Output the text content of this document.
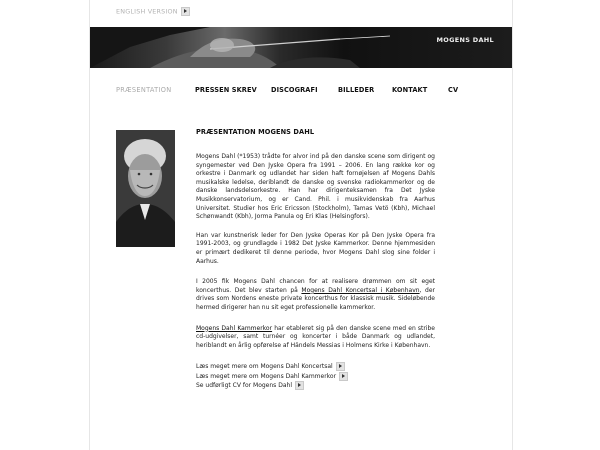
ENGLISH VERSION
MOGENS DAHL
PRÆSENTATION	PRESSEN SKREV DISCOGRAFI	BILLEDER	KONTAKT	CV
PRÆSENTATION MOGENS DAHL

Mogens Dahl (*1953) trådte for alvor ind på den danske scene som dirigent og syngemester ved Den Jyske Opera fra 1991 – 2006. En lang række kor og orkestre i Danmark og udlandet har siden haft fornøjelsen af Mogens Dahls musikalske ledelse, deriblandt de danske og svenske radiokammerkor og de danske landsdelsorkestre. Han har dirigenteksamen fra Det Jyske Musikkonservatorium, og er Cand. Phil. i musikvidenskab fra Aarhus Universitet. Studier hos Eric Ericsson (Stockholm), Tamas Vetö (Kbh), Michael Schønwandt (Kbh), Jorma Panula og Eri Klas (Helsingfors).

Han var kunstnerisk leder for Den Jyske Operas Kor på Den Jyske Opera fra 1991-2003, og grundlagde i 1982 Det Jyske Kammerkor. Denne hjemmesiden er primært dedikeret til denne periode, hvor Mogens Dahl slog sine folder i Aarhus.

I 2005 fik Mogens Dahl chancen for at realisere drømmen om sit eget koncerthus. Det blev starten på Mogens Dahl Koncertsal i København, der drives som Nordens eneste private koncerthus for klassisk musik. Sideløbende hermed dirigerer han nu sit eget professionelle kammerkor.

Mogens Dahl Kammerkor har etableret sig på den danske scene med en stribe cd-udgivelser, samt turnéer og koncerter i både Danmark og udlandet, heriblandt en årlig opførelse af Händels Messias i Holmens Kirke i København.

Læs meget mere om Mogens Dahl Koncertsal
Læs meget mere om Mogens Dahl Kammerkor
Se udførligt CV for Mogens Dahl
